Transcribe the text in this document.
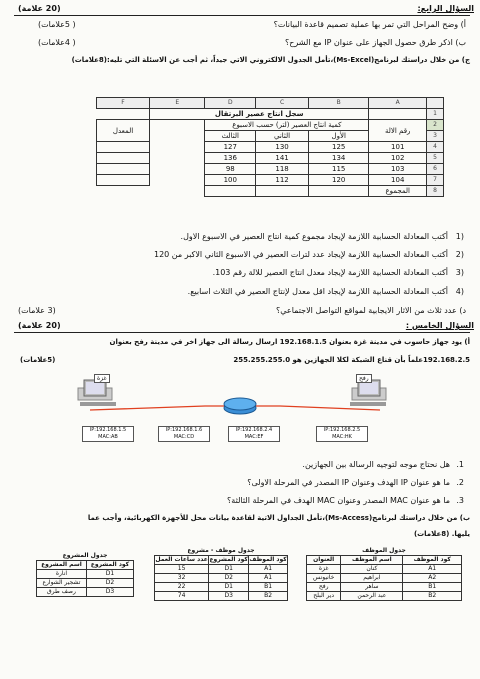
السؤال الرابع:
(20 علامة)
أ) وضح المراحل التي تمر بها عملية تصميم قاعدة البيانات؟
( 5علامات)
ب) اذكر طرق حصول الجهاز على عنوان IP مع الشرح؟
( 4علامات)
ج) من خلال دراستك لبرنامج(Ms-Excel)،تأمل الجدول الالكتروني الاتي جيداً، ثم أجب عن الاسئلة التي تليه:(8علامات)
	A	B	C	D	E	F
1		سجل انتاج عصير البرتقال				
2	رقم الالة	كمية انتاج العصير (لتر) حسب الاسبوع				المعدل
3		الأول	الثاني	الثالث		
4	101	125	130	127		
5	102	134	141	136		
6	103	115	118	98		
7	104	120	112	100		
8	المجموع					
(1
أكتب المعادلة الحسابية اللازمة لإيجاد مجموع كمية انتاج العصير في الاسبوع الاول.
(2
أكتب المعادلة الحسابية اللازمة لإيجاد عدد لترات العصير في الاسبوع الثاني الاكبر من 120
(3
أكتب المعادلة الحسابية اللازمة لإيجاد معدل انتاج العصير للالة رقم 103.
(4
أكتب المعادلة الحسابية اللازمة لإيجاد اقل معدل لإنتاج العصير في الثلاث اسابيع.
د) عدد ثلاث من الاثار الايجابية لمواقع التواصل الاجتماعي؟
(3 علامات)
السؤال الخامس :
(20 علامة)
أ) يود جهاز حاسوب في مدينة غزة بعنوان 192.168.1.5 ارسال رسالة الى جهاز اخر في مدينة رفح بعنوان
192.168.2.5علماً بأن قناع الشبكة لكلا الجهازين هو 255.255.255.0
(5علامات)
غزة	رفح
IP:192.168.1.5
MAC:AB
IP:192.168.1.6
MAC:CD
IP:192.168.2.4
MAC:EF
IP:192.168.2.5
MAC:HK
1.
هل نحتاج موجه لتوجيه الرسالة بين الجهازين.
2.
ما هو عنوان IP الهدف وعنوان IP المصدر في المرحلة الاولى؟
3.
ما هو عنوان MAC المصدر وعنوان MAC الهدف في المرحلة الثالثة؟
ب) من خلال دراستك لبرنامج(Ms-Access)،تأمل الجداول الاتية لقاعدة بيانات محل للأجهزة الكهربائية، وأجب عما
يليها. (8علامات)
جدول الموظف		
كود الموظف	اسم الموظف	العنوان
A1	كنان	غزة
A2	ابراهيم	خانيونس
B1	ساهر	رفح
B2	عبد الرحمن	دير البلح
جدول موظف - مشروع		
كود الموظف	كود المشروع	عدد ساعات العمل
A1	D1	15
A1	D2	32
B1	D1	22
B2	D3	74
جدول المشروع	
كود المشروع	اسم المشروع
D1	انارة
D2	تشجير الشوارع
D3	رصف طرق
